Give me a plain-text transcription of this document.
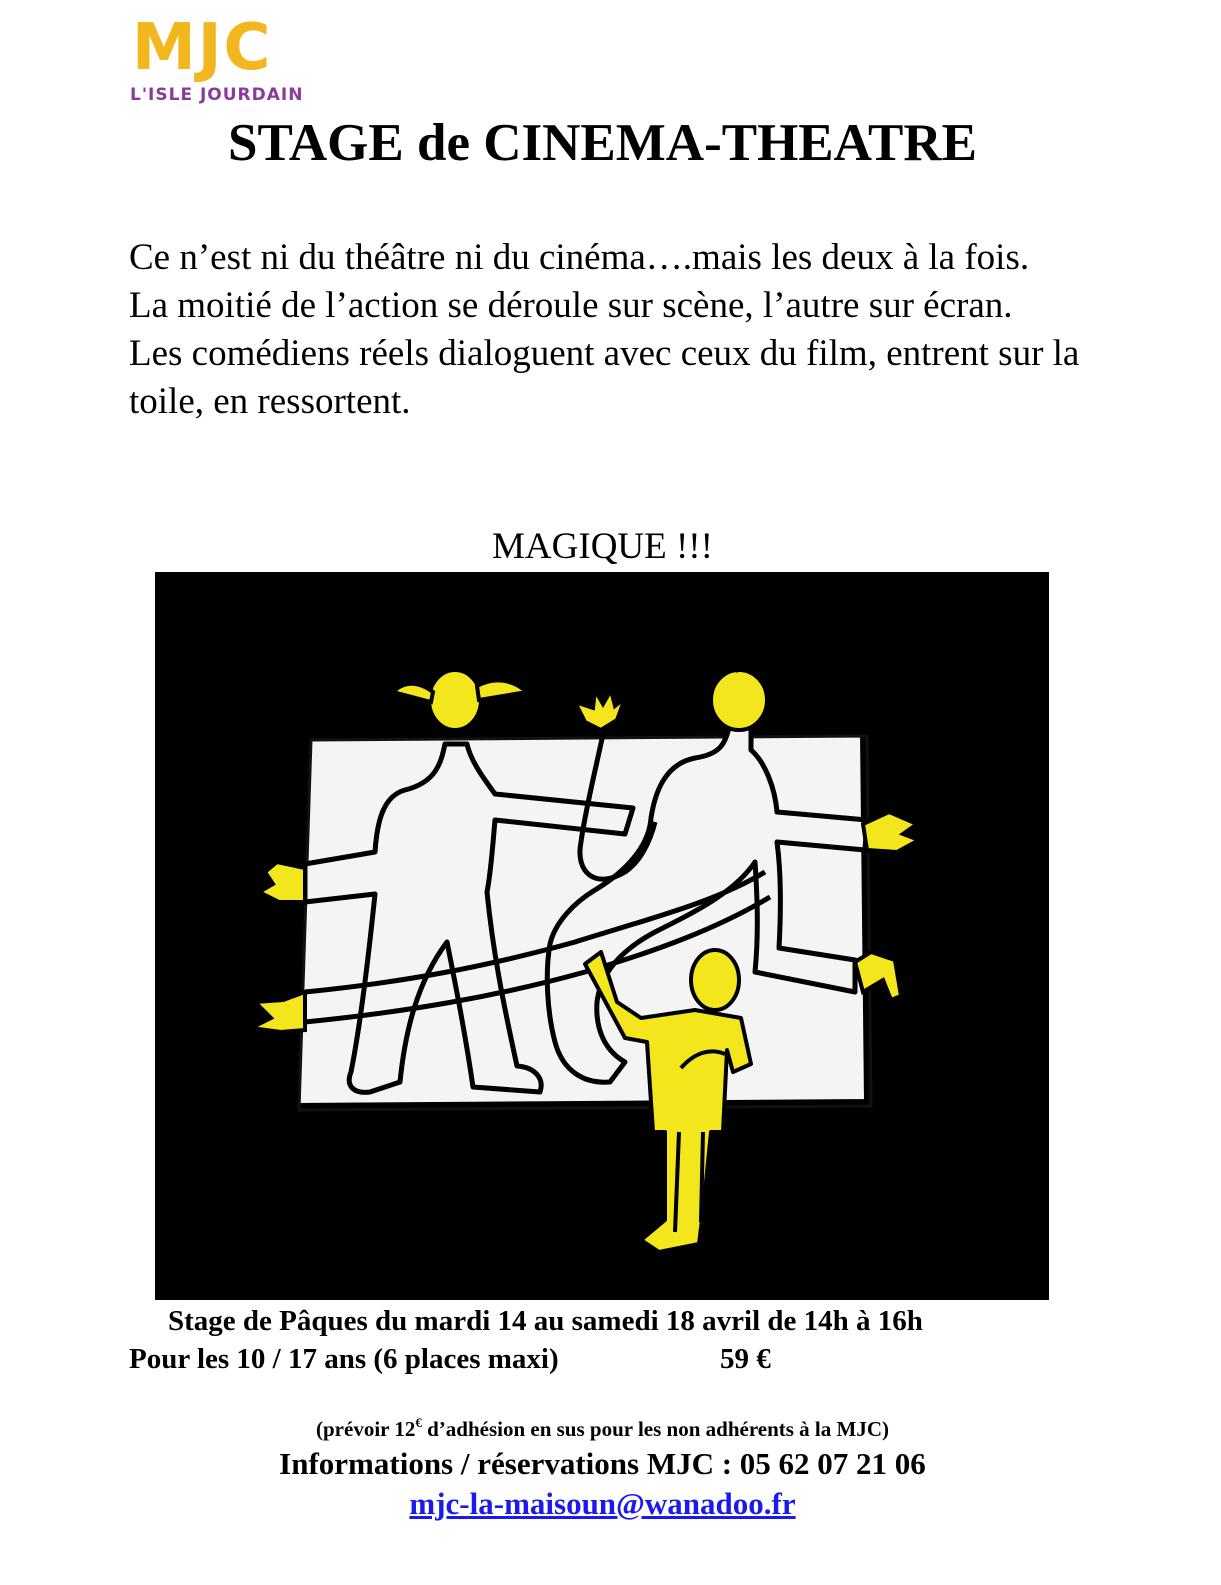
MJC
L'ISLE JOURDAIN
STAGE de CINEMA-THEATRE

Ce n’est ni du théâtre ni du cinéma….mais les deux à la fois.

La moitié de l’action se déroule sur scène, l’autre sur écran.

Les comédiens réels dialoguent avec ceux du film, entrent sur la toile, en ressortent.

MAGIQUE !!!
Stage de Pâques du mardi 14 au samedi 18 avril de 14h à 16h
Pour les 10 / 17 ans (6 places maxi)	59 €
(prévoir 12€ d’adhésion en sus pour les non adhérents à la MJC)
Informations / réservations MJC : 05 62 07 21 06
mjc-la-maisoun@wanadoo.fr
